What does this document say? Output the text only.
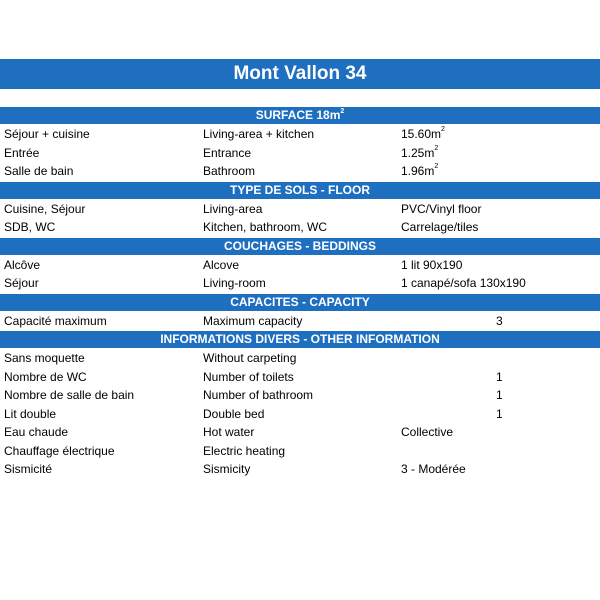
Mont Vallon 34
SURFACE $18m^2$
Séjour + cuisine	Living-area + kitchen	$15.60m^2$
Entrée	Entrance	$1.25m^2$
Salle de bain	Bathroom	$1.96m^2$
TYPE DE SOLS - FLOOR
Cuisine, Séjour	Living-area	PVC/Vinyl floor
SDB, WC	Kitchen, bathroom, WC	Carrelage/tiles
COUCHAGES - BEDDINGS
Alcôve	Alcove	1 lit 90x190
Séjour	Living-room	1 canapé/sofa 130x190
CAPACITES - CAPACITY
Capacité maximum	Maximum capacity	3
INFORMATIONS DIVERS - OTHER INFORMATION
Sans moquette	Without carpeting
Nombre de WC	Number of toilets	1
Nombre de salle de bain	Number of bathroom	1
Lit double	Double bed	1
Eau chaude	Hot water	Collective
Chauffage électrique	Electric heating
Sismicité	Sismicity	3 - Modérée
